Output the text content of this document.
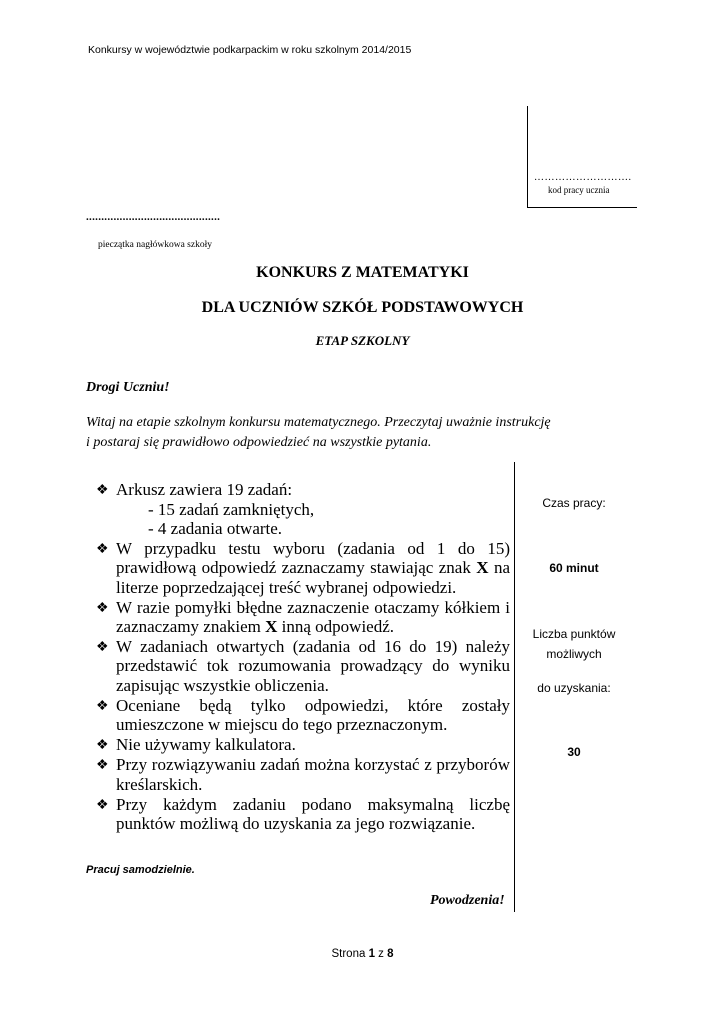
Konkursy w województwie podkarpackim w roku szkolnym 2014/2015
……………………….
kod pracy ucznia
............................................
pieczątka nagłówkowa szkoły
KONKURS Z MATEMATYKI
DLA UCZNIÓW SZKÓŁ PODSTAWOWYCH
ETAP SZKOLNY
Drogi Uczniu!
Witaj na etapie szkolnym konkursu matematycznego. Przeczytaj uważnie instrukcję
i postaraj się prawidłowo odpowiedzieć na wszystkie pytania.
❖ Arkusz zawiera 19 zadań:
- 15 zadań zamkniętych,
- 4 zadania otwarte.
❖ W przypadku testu wyboru (zadania od 1 do 15) prawidłową odpowiedź zaznaczamy stawiając znak X na literze poprzedzającej treść wybranej odpowiedzi.
❖ W razie pomyłki błędne zaznaczenie otaczamy kółkiem i zaznaczamy znakiem X inną odpowiedź.
❖ W zadaniach otwartych (zadania od 16 do 19) należy przedstawić tok rozumowania prowadzący do wyniku zapisując wszystkie obliczenia.
❖ Oceniane będą tylko odpowiedzi, które zostały umieszczone w miejscu do tego przeznaczonym.
❖ Nie używamy kalkulatora.
❖ Przy rozwiązywaniu zadań można korzystać z przyborów kreślarskich.
❖ Przy każdym zadaniu podano maksymalną liczbę punktów możliwą do uzyskania za jego rozwiązanie.
Czas pracy:
60 minut
Liczba punktów
możliwych
do uzyskania:
30
Pracuj samodzielnie.
Powodzenia!
Strona 1 z 8
